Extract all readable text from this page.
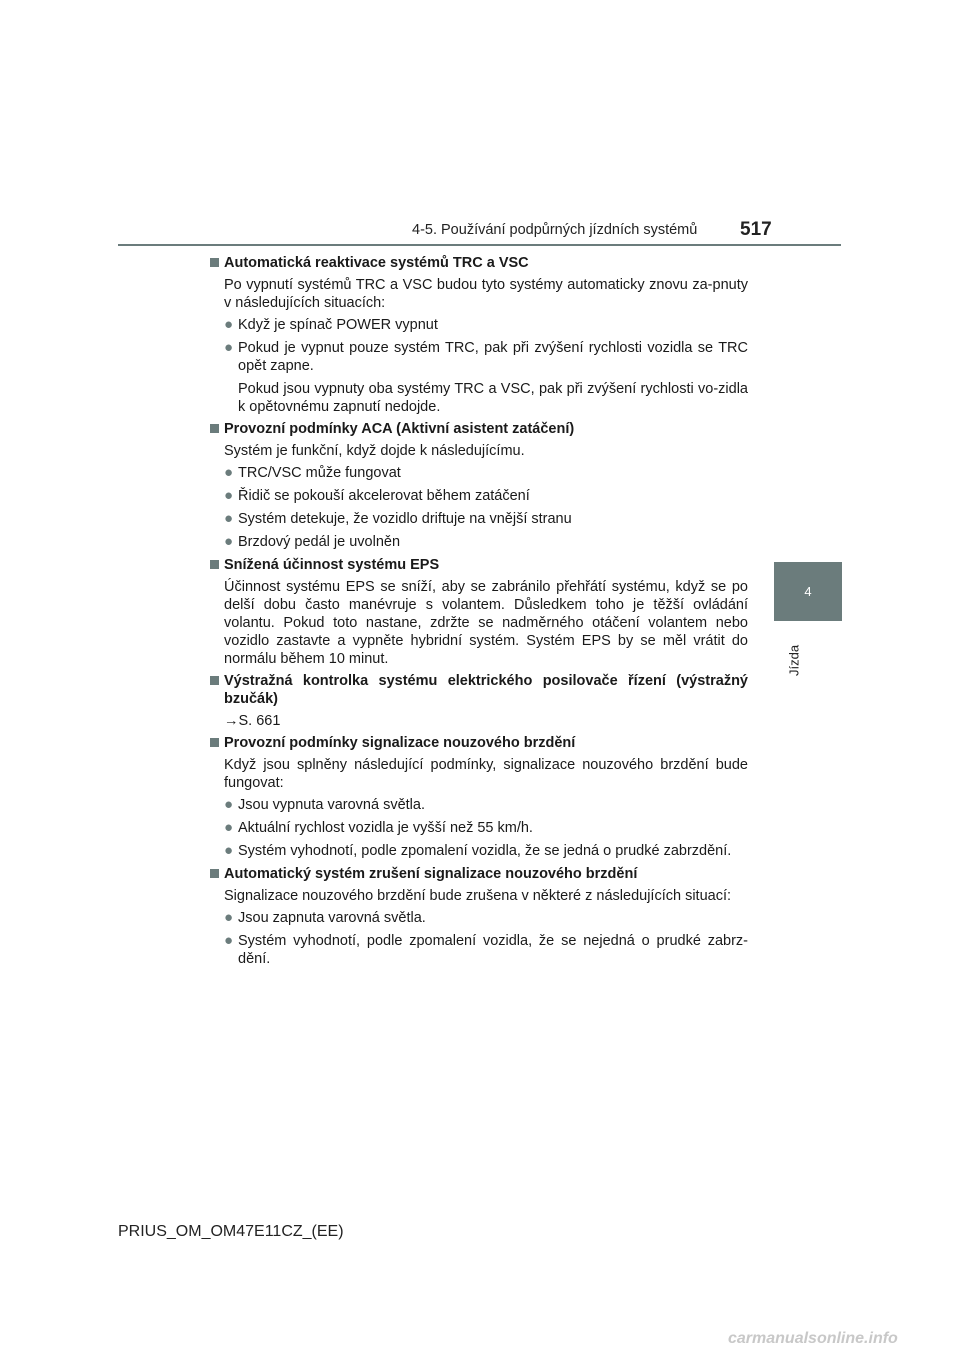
4-5. Používání podpůrných jízdních systémů 517
4
Jízda
Automatická reaktivace systémů TRC a VSC
Po vypnutí systémů TRC a VSC budou tyto systémy automaticky znovu za-pnuty v následujících situacích:
● Když je spínač POWER vypnut
● Pokud je vypnut pouze systém TRC, pak při zvýšení rychlosti vozidla se TRC opět zapne.
Pokud jsou vypnuty oba systémy TRC a VSC, pak při zvýšení rychlosti vo-zidla k opětovnému zapnutí nedojde.
Provozní podmínky ACA (Aktivní asistent zatáčení)
Systém je funkční, když dojde k následujícímu.
● TRC/VSC může fungovat
● Řidič se pokouší akcelerovat během zatáčení
● Systém detekuje, že vozidlo driftuje na vnější stranu
● Brzdový pedál je uvolněn
Snížená účinnost systému EPS
Účinnost systému EPS se sníží, aby se zabránilo přehřátí systému, když se po delší dobu často manévruje s volantem. Důsledkem toho je těžší ovládání volantu. Pokud toto nastane, zdržte se nadměrného otáčení volantem nebo vozidlo zastavte a vypněte hybridní systém. Systém EPS by se měl vrátit do normálu během 10 minut.
Výstražná kontrolka systému elektrického posilovače řízení (výstražný bzučák)
→S. 661
Provozní podmínky signalizace nouzového brzdění
Když jsou splněny následující podmínky, signalizace nouzového brzdění bude fungovat:
● Jsou vypnuta varovná světla.
● Aktuální rychlost vozidla je vyšší než 55 km/h.
● Systém vyhodnotí, podle zpomalení vozidla, že se jedná o prudké zabrzdění.
Automatický systém zrušení signalizace nouzového brzdění
Signalizace nouzového brzdění bude zrušena v některé z následujících situací:
● Jsou zapnuta varovná světla.
● Systém vyhodnotí, podle zpomalení vozidla, že se nejedná o prudké zabrz-dění.
PRIUS_OM_OM47E11CZ_(EE)
carmanualsonline.info
